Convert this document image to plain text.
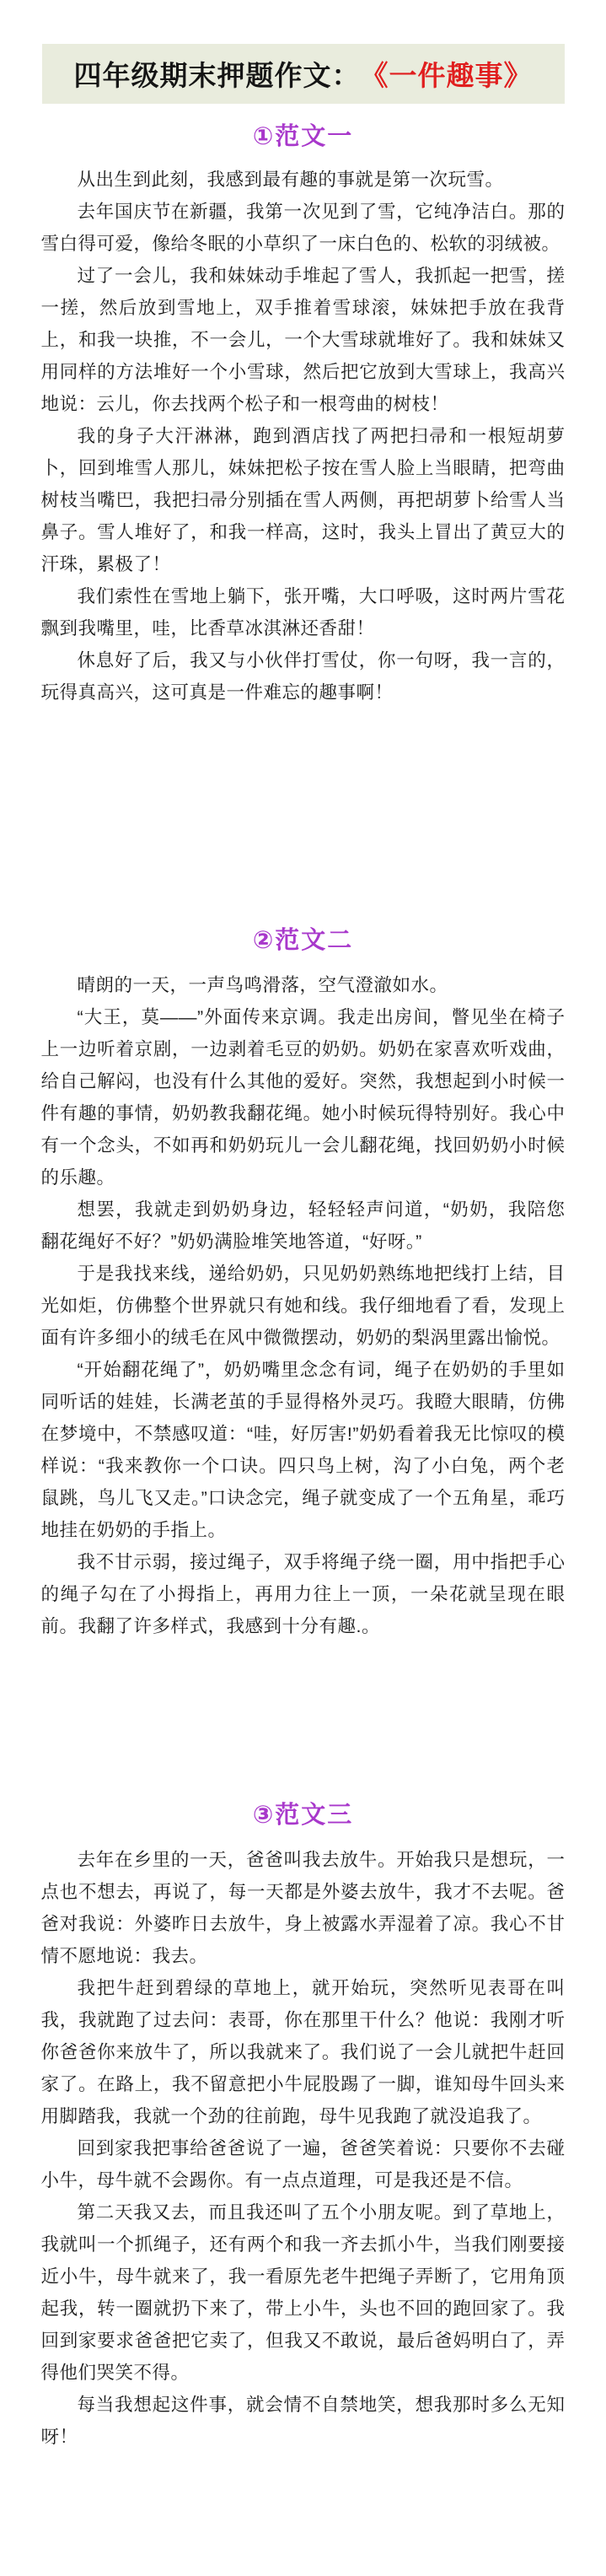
四年级期末押题作文： 《一件趣事》
①范文一

从出生到此刻，我感到最有趣的事就是第一次玩雪。

去年国庆节在新疆，我第一次见到了雪，它纯净洁白。那的雪白得可爱，像给冬眠的小草织了一床白色的、松软的羽绒被。

过了一会儿，我和妹妹动手堆起了雪人，我抓起一把雪，搓一搓，然后放到雪地上，双手推着雪球滚，妹妹把手放在我背上，和我一块推，不一会儿，一个大雪球就堆好了。我和妹妹又用同样的方法堆好一个小雪球，然后把它放到大雪球上，我高兴地说：云儿，你去找两个松子和一根弯曲的树枝！

我的身子大汗淋淋，跑到酒店找了两把扫帚和一根短胡萝卜，回到堆雪人那儿，妹妹把松子按在雪人脸上当眼睛，把弯曲树枝当嘴巴，我把扫帚分别插在雪人两侧，再把胡萝卜给雪人当鼻子。雪人堆好了，和我一样高，这时，我头上冒出了黄豆大的汗珠，累极了！

我们索性在雪地上躺下，张开嘴，大口呼吸，这时两片雪花飘到我嘴里，哇，比香草冰淇淋还香甜！

休息好了后，我又与小伙伴打雪仗，你一句呀，我一言的，玩得真高兴，这可真是一件难忘的趣事啊！

②范文二

晴朗的一天，一声鸟鸣滑落，空气澄澈如水。

“大王，莫——”外面传来京调。我走出房间，瞥见坐在椅子上一边听着京剧，一边剥着毛豆的奶奶。奶奶在家喜欢听戏曲，给自己解闷，也没有什么其他的爱好。突然，我想起到小时候一件有趣的事情，奶奶教我翻花绳。她小时候玩得特别好。我心中有一个念头，不如再和奶奶玩儿一会儿翻花绳，找回奶奶小时候的乐趣。

想罢，我就走到奶奶身边，轻轻轻声问道，“奶奶，我陪您翻花绳好不好？”奶奶满脸堆笑地答道，“好呀。”

于是我找来线，递给奶奶，只见奶奶熟练地把线打上结，目光如炬，仿佛整个世界就只有她和线。我仔细地看了看，发现上面有许多细小的绒毛在风中微微摆动，奶奶的梨涡里露出愉悦。

“开始翻花绳了”，奶奶嘴里念念有词，绳子在奶奶的手里如同听话的娃娃，长满老茧的手显得格外灵巧。我瞪大眼睛，仿佛在梦境中，不禁感叹道：“哇，好厉害!”奶奶看着我无比惊叹的模样说：“我来教你一个口诀。四只鸟上树，沟了小白兔，两个老鼠跳，鸟儿飞又走。”口诀念完，绳子就变成了一个五角星，乖巧地挂在奶奶的手指上。

我不甘示弱，接过绳子，双手将绳子绕一圈，用中指把手心的绳子勾在了小拇指上，再用力往上一顶，一朵花就呈现在眼前。我翻了许多样式，我感到十分有趣.。

③范文三

去年在乡里的一天，爸爸叫我去放牛。开始我只是想玩，一点也不想去，再说了，每一天都是外婆去放牛，我才不去呢。爸爸对我说：外婆昨日去放牛，身上被露水弄湿着了凉。我心不甘情不愿地说：我去。

我把牛赶到碧绿的草地上，就开始玩，突然听见表哥在叫我，我就跑了过去问：表哥，你在那里干什么？他说：我刚才听你爸爸你来放牛了，所以我就来了。我们说了一会儿就把牛赶回家了。在路上，我不留意把小牛屁股踢了一脚，谁知母牛回头来用脚踏我，我就一个劲的往前跑，母牛见我跑了就没追我了。

回到家我把事给爸爸说了一遍，爸爸笑着说：只要你不去碰小牛，母牛就不会踢你。有一点点道理，可是我还是不信。

第二天我又去，而且我还叫了五个小朋友呢。到了草地上，我就叫一个抓绳子，还有两个和我一齐去抓小牛，当我们刚要接近小牛，母牛就来了，我一看原先老牛把绳子弄断了，它用角顶起我，转一圈就扔下来了，带上小牛，头也不回的跑回家了。我回到家要求爸爸把它卖了，但我又不敢说，最后爸妈明白了，弄得他们哭笑不得。

每当我想起这件事，就会情不自禁地笑，想我那时多么无知呀！
